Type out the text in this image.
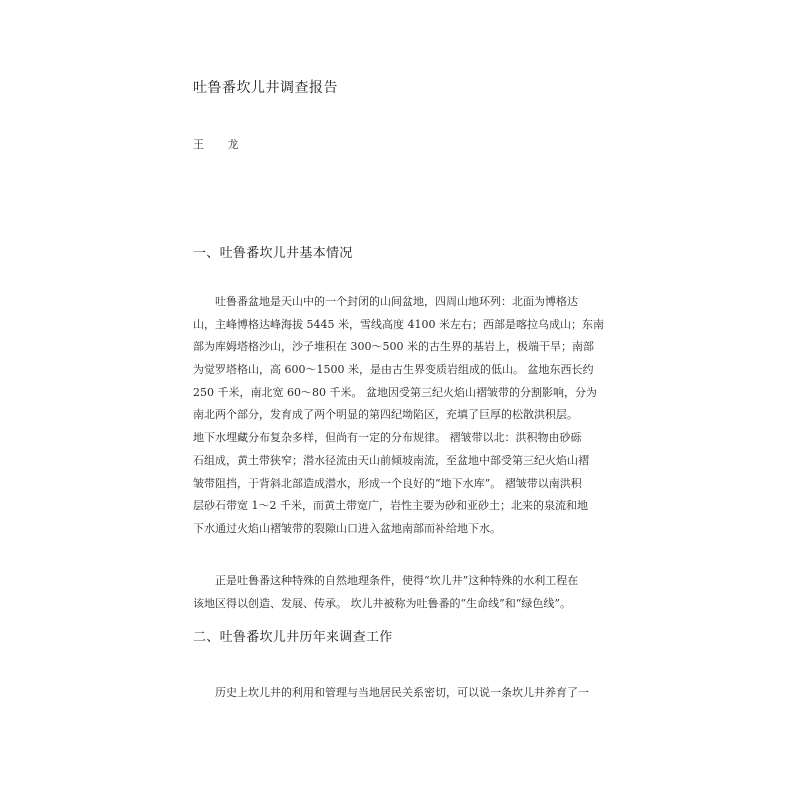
吐鲁番坎儿井调查报告
王 龙
一、吐鲁番坎儿井基本情况
　　吐鲁番盆地是天山中的一个封闭的山间盆地，四周山地环列：北面为博格达
山，主峰博格达峰海拔 5445 米，雪线高度 4100 米左右；西部是喀拉乌成山；东南
部为库姆塔格沙山，沙子堆积在 300～500 米的古生界的基岩上，极端干旱；南部
为觉罗塔格山，高 600～1500 米，是由古生界变质岩组成的低山。 盆地东西长约
250 千米，南北宽 60～80 千米。 盆地因受第三纪火焰山褶皱带的分割影响，分为
南北两个部分，发育成了两个明显的第四纪坳陷区，充填了巨厚的松散洪积层。
地下水埋藏分布复杂多样，但尚有一定的分布规律。 褶皱带以北：洪积物由砂砾
石组成，黄土带狭窄；潜水径流由天山前倾坡南流，至盆地中部受第三纪火焰山褶
皱带阻挡，于背斜北部造成潜水，形成一个良好的“地下水库”。 褶皱带以南洪积
层砂石带宽 1～2 千米，而黄土带宽广，岩性主要为砂和亚砂土；北来的泉流和地
下水通过火焰山褶皱带的裂隙山口进入盆地南部而补给地下水。
　　正是吐鲁番这种特殊的自然地理条件，使得“坎儿井”这种特殊的水利工程在
该地区得以创造、发展、传承。 坎儿井被称为吐鲁番的“生命线”和“绿色线”。
二、吐鲁番坎儿井历年来调查工作
　　历史上坎儿井的利用和管理与当地居民关系密切，可以说一条坎儿井养育了一
